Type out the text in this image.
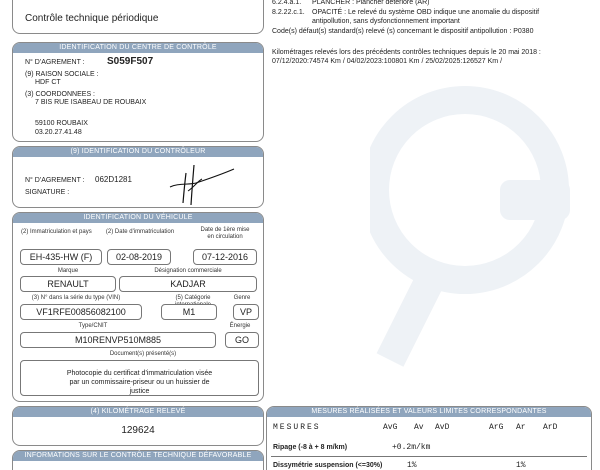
Contrôle technique périodique
IDENTIFICATION DU CENTRE DE CONTRÔLE
N° D'AGREMENT : S059F507
(9) RAISON SOCIALE :
HDF CT
(3) COORDONNEES :
7 BIS RUE ISABEAU DE ROUBAIX
59100 ROUBAIX
03.20.27.41.48
(9) IDENTIFICATION DU CONTRÔLEUR
N° D'AGREMENT : 062D1281
SIGNATURE :
IDENTIFICATION DU VÉHICULE
(2) Immatriculation et pays	(2) Date d'immatriculation	Date de 1ère mise en circulation
EH-435-HW (F)	02-08-2019	07-12-2016
Marque	Désignation commerciale
RENAULT	KADJAR
(3) N° dans la série du type (VIN)	(5) Catégorie	Genre
VF1RFE00856082100	M1	VP
Type/CNIT	Énergie
M10RENVP510M885	GO
Document(s) présenté(s)
Photocopie du certificat d'immatriculation visée par un commissaire-priseur ou un huissier de justice
(4) KILOMÉTRAGE RELEVÉ
129624
INFORMATIONS SUR LE CONTRÔLE TECHNIQUE DÉFAVORABLE
6.2.4.a.1.	PLANCHER : Plancher détérioré (AR)
8.2.22.c.1.	OPACITÉ : Le relevé du système OBD indique une anomalie du dispositif antipollution, sans dysfonctionnement important
Code(s) défaut(s) standard(s) relevé (s) concernant le dispositif antipollution : P0380
Kilométrages relevés lors des précédents contrôles techniques depuis le 20 mai 2018 : 07/12/2020:74574 Km / 04/02/2023:100801 Km / 25/02/2025:126527 Km /
MESURES RÉALISÉES ET VALEURS LIMITES CORRESPONDANTES
MESURES	AvG Av AvD	ArG Ar ArD
Ripage (-8 à + 8 m/km)	+0.2m/km
Dissymétrie suspension (<=30%)	1%	1%
